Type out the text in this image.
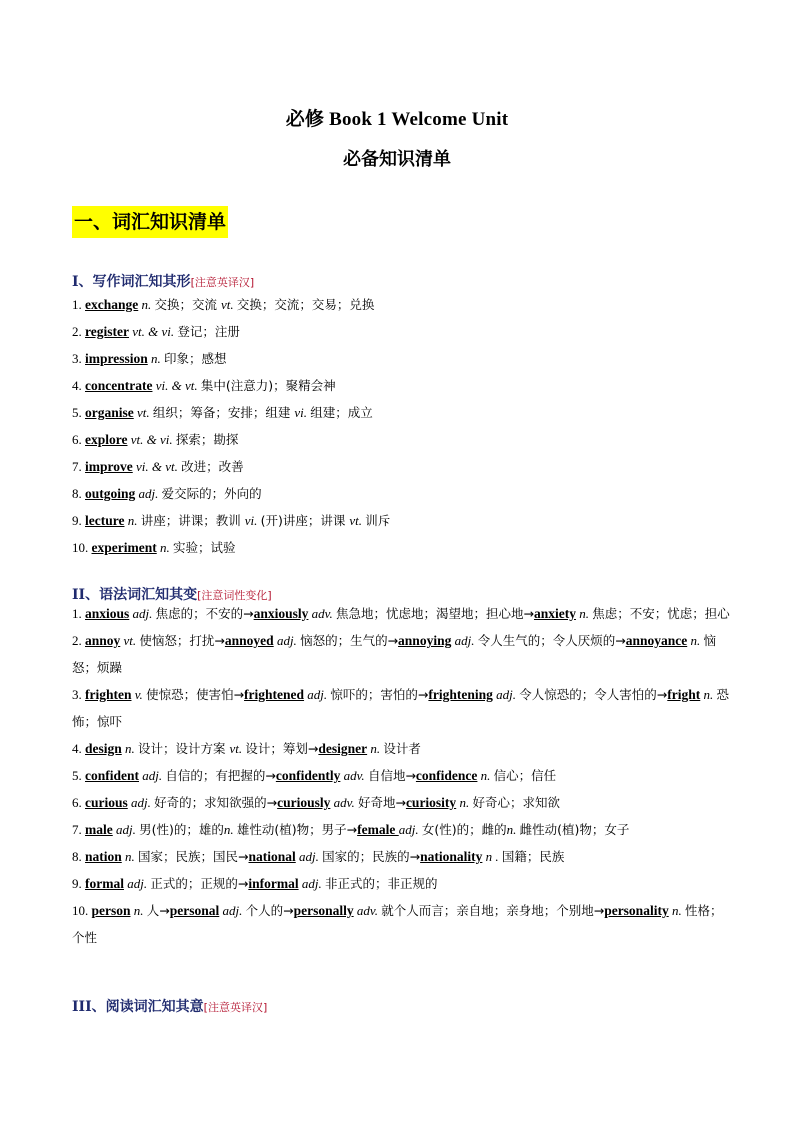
必修 Book 1 Welcome Unit
必备知识清单
一、词汇知识清单
I、写作词汇知其形[注意英译汉]
1. exchange n. 交换；交流 vt. 交换；交流；交易；兑换
2. register vt. & vi. 登记；注册
3. impression n. 印象；感想
4. concentrate vi. & vt. 集中(注意力)；聚精会神
5. organise vt. 组织；筹备；安排；组建 vi. 组建；成立
6. explore vt. & vi. 探索；勘探
7. improve vi. & vt. 改进；改善
8. outgoing adj. 爱交际的；外向的
9. lecture n. 讲座；讲课；教训 vi. (开)讲座；讲课 vt. 训斥
10. experiment n. 实验；试验
II、语法词汇知其变[注意词性变化]
1. anxious adj. 焦虑的；不安的→anxiously adv. 焦急地；忧虑地；渴望地；担心地→anxiety n. 焦虑；不安；忧虑；担心
2. annoy vt. 使恼怒；打扰→annoyed adj. 恼怒的；生气的→annoying adj. 令人生气的；令人厌烦的→annoyance n. 恼怒；烦躁
3. frighten v. 使惊恐；使害怕→frightened adj. 惊吓的；害怕的→frightening adj. 令人惊恐的；令人害怕的→fright n. 恐怖；惊吓
4. design n. 设计；设计方案 vt. 设计；筹划→designer n. 设计者
5. confident adj. 自信的；有把握的→confidently adv. 自信地→confidence n. 信心；信任
6. curious adj. 好奇的；求知欲强的→curiously adv. 好奇地→curiosity n. 好奇心；求知欲
7. male adj. 男(性)的；雄的n. 雄性动(植)物；男子→female adj. 女(性)的；雌的n. 雌性动(植)物；女子
8. nation n. 国家；民族；国民→national adj. 国家的；民族的→nationality n . 国籍；民族
9. formal adj. 正式的；正规的→informal adj. 非正式的；非正规的
10. person n. 人→personal adj. 个人的→personally adv. 就个人而言；亲自地；亲身地；个别地→personality n. 性格；个性
III、阅读词汇知其意[注意英译汉]
